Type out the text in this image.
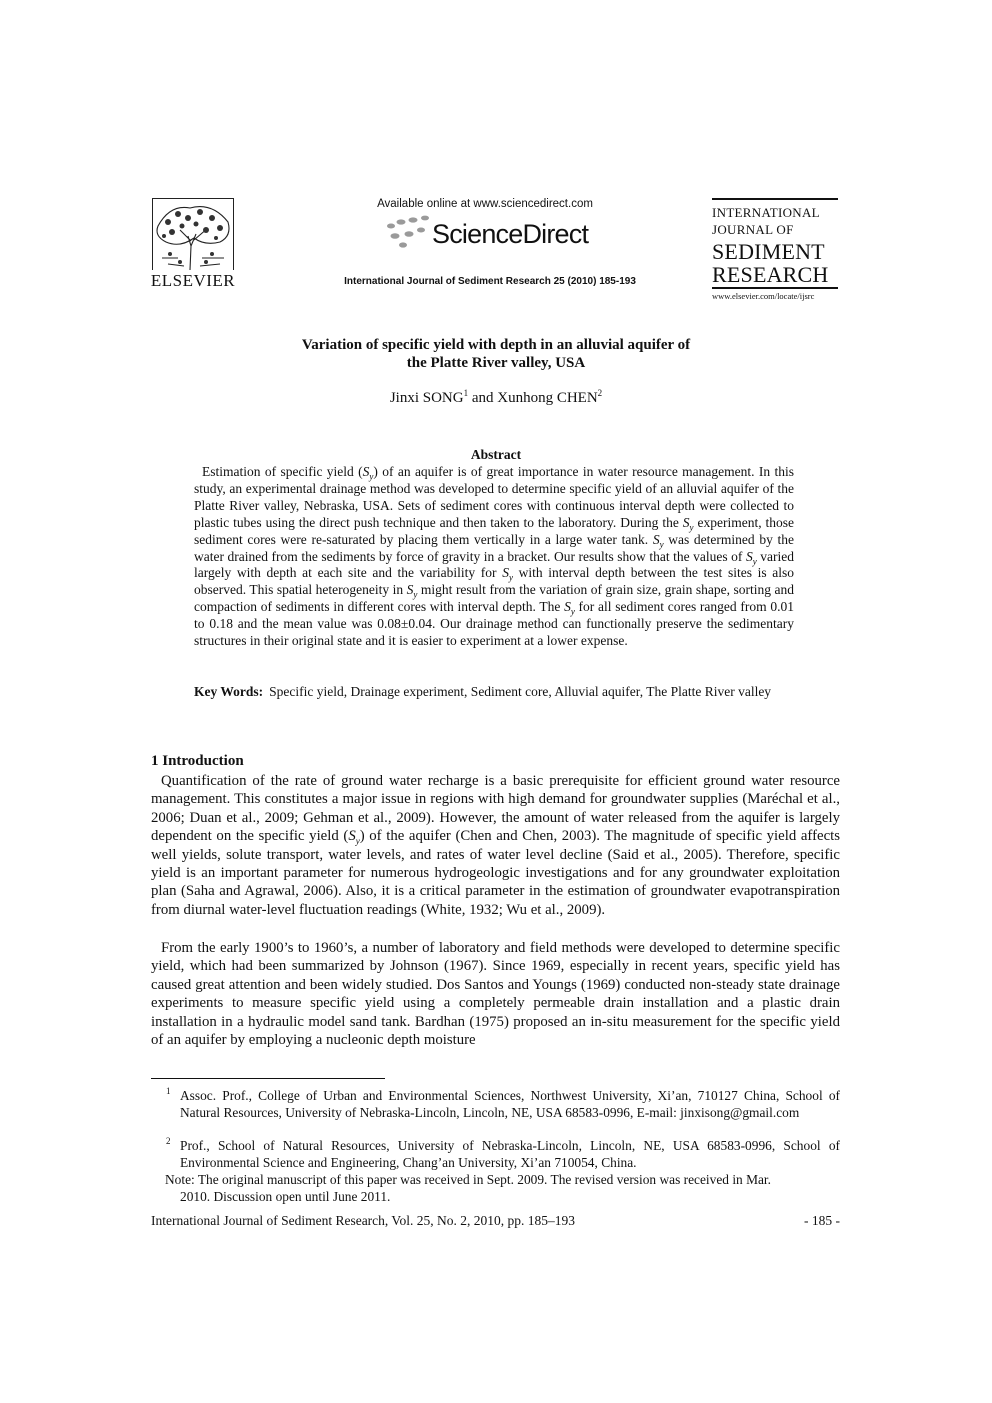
ELSEVIER
Available online at www.sciencedirect.com
ScienceDirect
International Journal of Sediment Research 25 (2010) 185-193
INTERNATIONAL
JOURNAL OF
SEDIMENT
RESEARCH
www.elsevier.com/locate/ijsrc
Variation of specific yield with depth in an alluvial aquifer of
the Platte River valley, USA
Jinxi SONG$^1$ and Xunhong CHEN$^2$
Abstract
Estimation of specific yield $(S_y)$ of an aquifer is of great importance in water resource management. In this study, an experimental drainage method was developed to determine specific yield of an alluvial aquifer of the Platte River valley, Nebraska, USA. Sets of sediment cores with continuous interval depth were collected to plastic tubes using the direct push technique and then taken to the laboratory. During the $S_y$ experiment, those sediment cores were re-saturated by placing them vertically in a large water tank. $S_y$ was determined by the water drained from the sediments by force of gravity in a bracket. Our results show that the values of $S_y$ varied largely with depth at each site and the variability for $S_y$ with interval depth between the test sites is also observed. This spatial heterogeneity in $S_y$ might result from the variation of grain size, grain shape, sorting and compaction of sediments in different cores with interval depth. The $S_y$ for all sediment cores ranged from 0.01 to 0.18 and the mean value was 0.08±0.04. Our drainage method can functionally preserve the sedimentary structures in their original state and it is easier to experiment at a lower expense.
Key Words: Specific yield, Drainage experiment, Sediment core, Alluvial aquifer, The Platte River valley
1 Introduction
Quantification of the rate of ground water recharge is a basic prerequisite for efficient ground water resource management. This constitutes a major issue in regions with high demand for groundwater supplies (Maréchal et al., 2006; Duan et al., 2009; Gehman et al., 2009). However, the amount of water released from the aquifer is largely dependent on the specific yield $(S_y)$ of the aquifer (Chen and Chen, 2003). The magnitude of specific yield affects well yields, solute transport, water levels, and rates of water level decline (Said et al., 2005). Therefore, specific yield is an important parameter for numerous hydrogeologic investigations and for any groundwater exploitation plan (Saha and Agrawal, 2006). Also, it is a critical parameter in the estimation of groundwater evapotranspiration from diurnal water-level fluctuation readings (White, 1932; Wu et al., 2009).
From the early 1900’s to 1960’s, a number of laboratory and field methods were developed to determine specific yield, which had been summarized by Johnson (1967). Since 1969, especially in recent years, specific yield has caused great attention and been widely studied. Dos Santos and Youngs (1969) conducted non-steady state drainage experiments to measure specific yield using a completely permeable drain installation and a plastic drain installation in a hydraulic model sand tank. Bardhan (1975) proposed an in-situ measurement for the specific yield of an aquifer by employing a nucleonic depth moisture
1 Assoc. Prof., College of Urban and Environmental Sciences, Northwest University, Xi’an, 710127 China, School of Natural Resources, University of Nebraska-Lincoln, Lincoln, NE, USA 68583-0996, E-mail: jinxisong@gmail.com
2 Prof., School of Natural Resources, University of Nebraska-Lincoln, Lincoln, NE, USA 68583-0996, School of Environmental Science and Engineering, Chang’an University, Xi’an 710054, China.
Note: The original manuscript of this paper was received in Sept. 2009. The revised version was received in Mar.
2010. Discussion open until June 2011.
International Journal of Sediment Research, Vol. 25, No. 2, 2010, pp. 185–193	- 185 -
